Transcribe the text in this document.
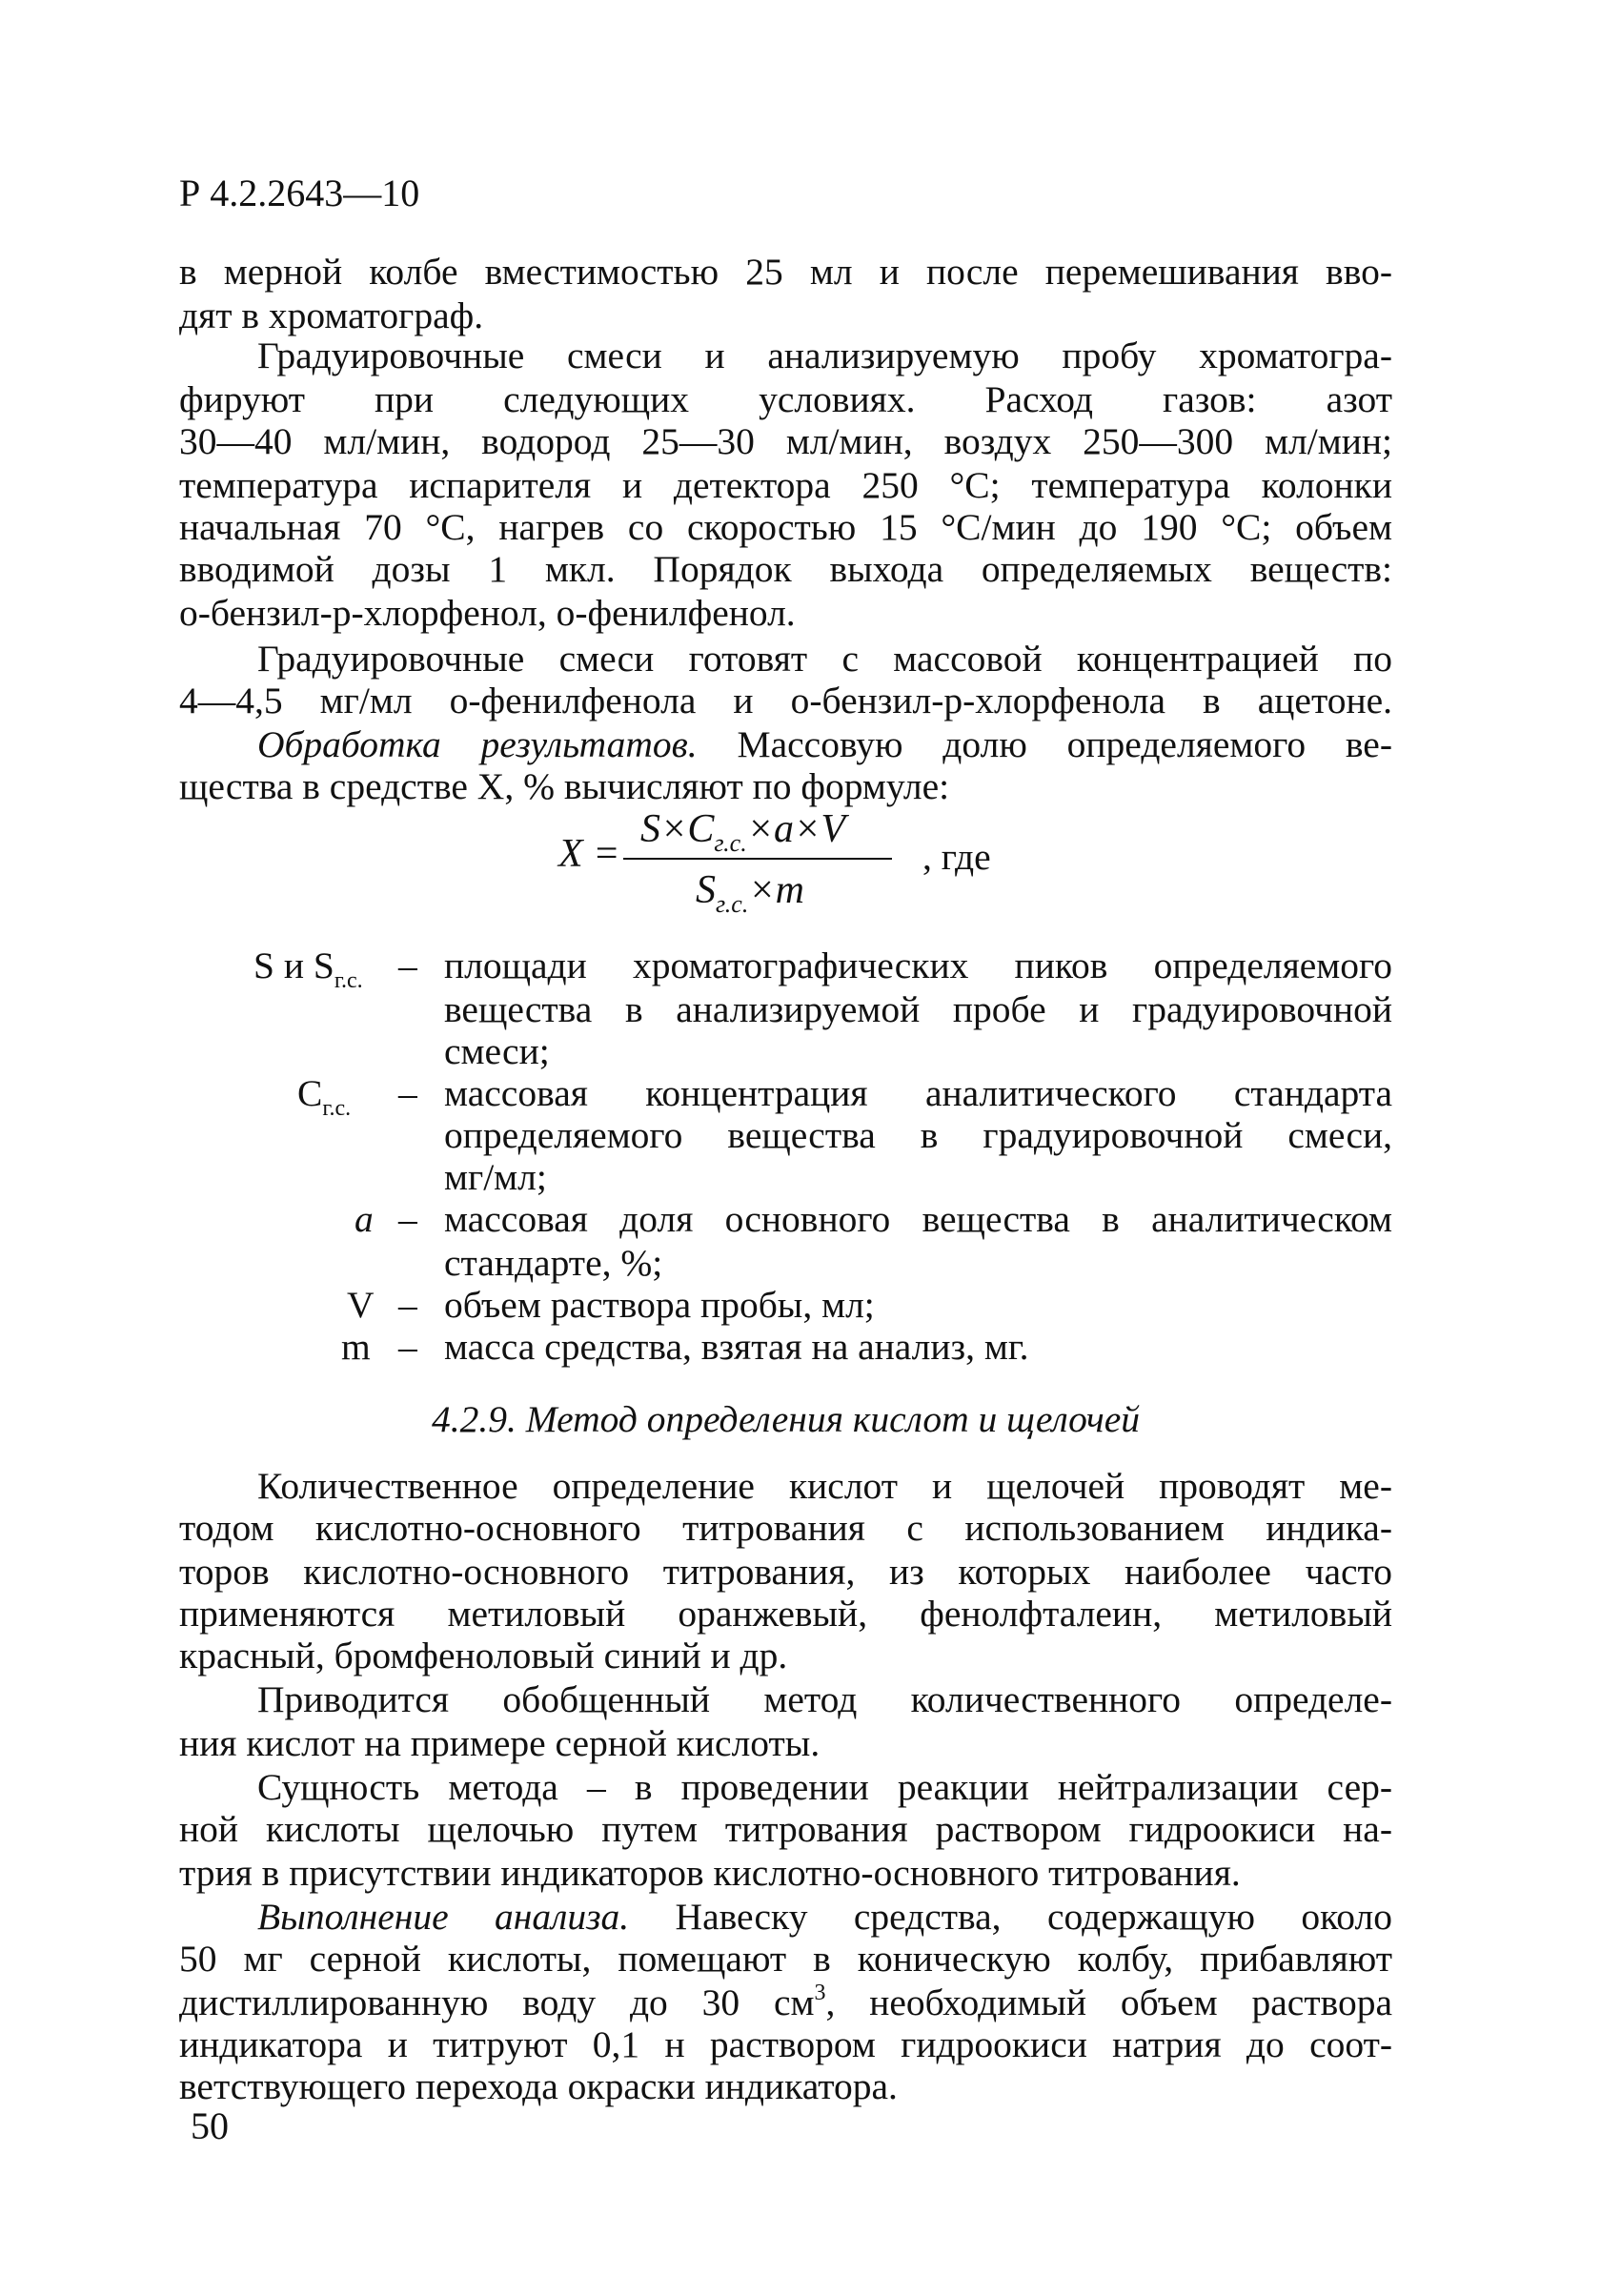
Р 4.2.2643—10
в мерной колбе вместимостью 25 мл и после перемешивания вво-
дят в хроматограф.
Градуировочные смеси и анализируемую пробу хроматогра-
фируют при следующих условиях. Расход газов: азот
30—40 мл/мин, водород 25—30 мл/мин, воздух 250—300 мл/мин;
температура испарителя и детектора 250 °С; температура колонки
начальная 70 °С, нагрев со скоростью 15 °С/мин до 190 °С; объем
вводимой дозы 1 мкл. Порядок выхода определяемых веществ:
о-бензил-р-хлорфенол, о-фенилфенол.
Градуировочные смеси готовят с массовой концентрацией по
4—4,5 мг/мл о-фенилфенола и о-бензил-р-хлорфенола в ацетоне.
Обработка результатов. Массовую долю определяемого ве-
щества в средстве Х, % вычисляют по формуле:
X =
$S\times C_{г.с.}\times a\times V$
$S_{г.с.}\times m$
, где
S и $S_{г.с.}$ – площади хроматографических пиков определяемого
вещества в анализируемой пробе и градуировочной
смеси;
$C_{г.с.}$ – массовая концентрация аналитического стандарта
определяемого вещества в градуировочной смеси,
мг/мл;
a – массовая доля основного вещества в аналитическом
стандарте, %;
V – объем раствора пробы, мл;
m – масса средства, взятая на анализ, мг.
4.2.9. Метод определения кислот и щелочей
Количественное определение кислот и щелочей проводят ме-
тодом кислотно-основного титрования с использованием индика-
торов кислотно-основного титрования, из которых наиболее часто
применяются метиловый оранжевый, фенолфталеин, метиловый
красный, бромфеноловый синий и др.
Приводится обобщенный метод количественного определе-
ния кислот на примере серной кислоты.
Сущность метода – в проведении реакции нейтрализации сер-
ной кислоты щелочью путем титрования раствором гидроокиси на-
трия в присутствии индикаторов кислотно-основного титрования.
Выполнение анализа. Навеску средства, содержащую около
50 мг серной кислоты, помещают в коническую колбу, прибавляют
дистиллированную воду до 30 $см^3$, необходимый объем раствора
индикатора и титруют 0,1 н раствором гидроокиси натрия до соот-
ветствующего перехода окраски индикатора.
50
